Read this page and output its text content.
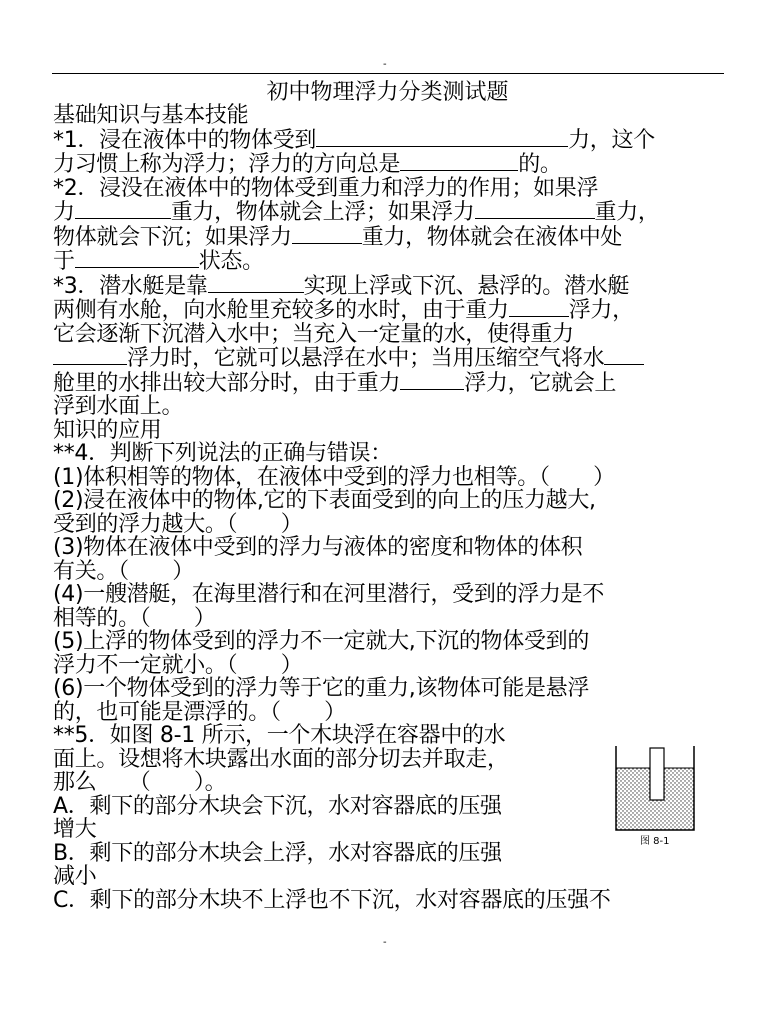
-
初中物理浮力分类测试题

基础知识与基本技能

*1．浸在液体中的物体受到	力，这个

力习惯上称为浮力；浮力的方向总是	的。

*2．浸没在液体中的物体受到重力和浮力的作用；如果浮

力	重力，物体就会上浮；如果浮力	重力，

物体就会下沉；如果浮力	重力，物体就会在液体中处

于	状态。

*3．潜水艇是靠	实现上浮或下沉、悬浮的。潜水艇

两侧有水舱，向水舱里充较多的水时，由于重力	浮力，

它会逐渐下沉潜入水中；当充入一定量的水，使得重力

浮力时，它就可以悬浮在水中；当用压缩空气将水

舱里的水排出较大部分时，由于重力	浮力，它就会上

浮到水面上。

知识的应用

**4．判断下列说法的正确与错误：

(1)体积相等的物体，在液体中受到的浮力也相等。（　　）

(2)浸在液体中的物体,它的下表面受到的向上的压力越大,

受到的浮力越大。（　　）

(3)物体在液体中受到的浮力与液体的密度和物体的体积

有关。（　　）

(4)一艘潜艇，在海里潜行和在河里潜行，受到的浮力是不

相等的。（　　）

(5)上浮的物体受到的浮力不一定就大,下沉的物体受到的

浮力不一定就小。（　　）

(6)一个物体受到的浮力等于它的重力,该物体可能是悬浮

的，也可能是漂浮的。（　　）

**5．如图 8-1 所示，一个木块浮在容器中的水

面上。设想将木块露出水面的部分切去并取走，

那么　　（　　）。

A．剩下的部分木块会下沉，水对容器底的压强

增大

B．剩下的部分木块会上浮，水对容器底的压强

减小

C．剩下的部分木块不上浮也不下沉，水对容器底的压强不

图 8-1
-
